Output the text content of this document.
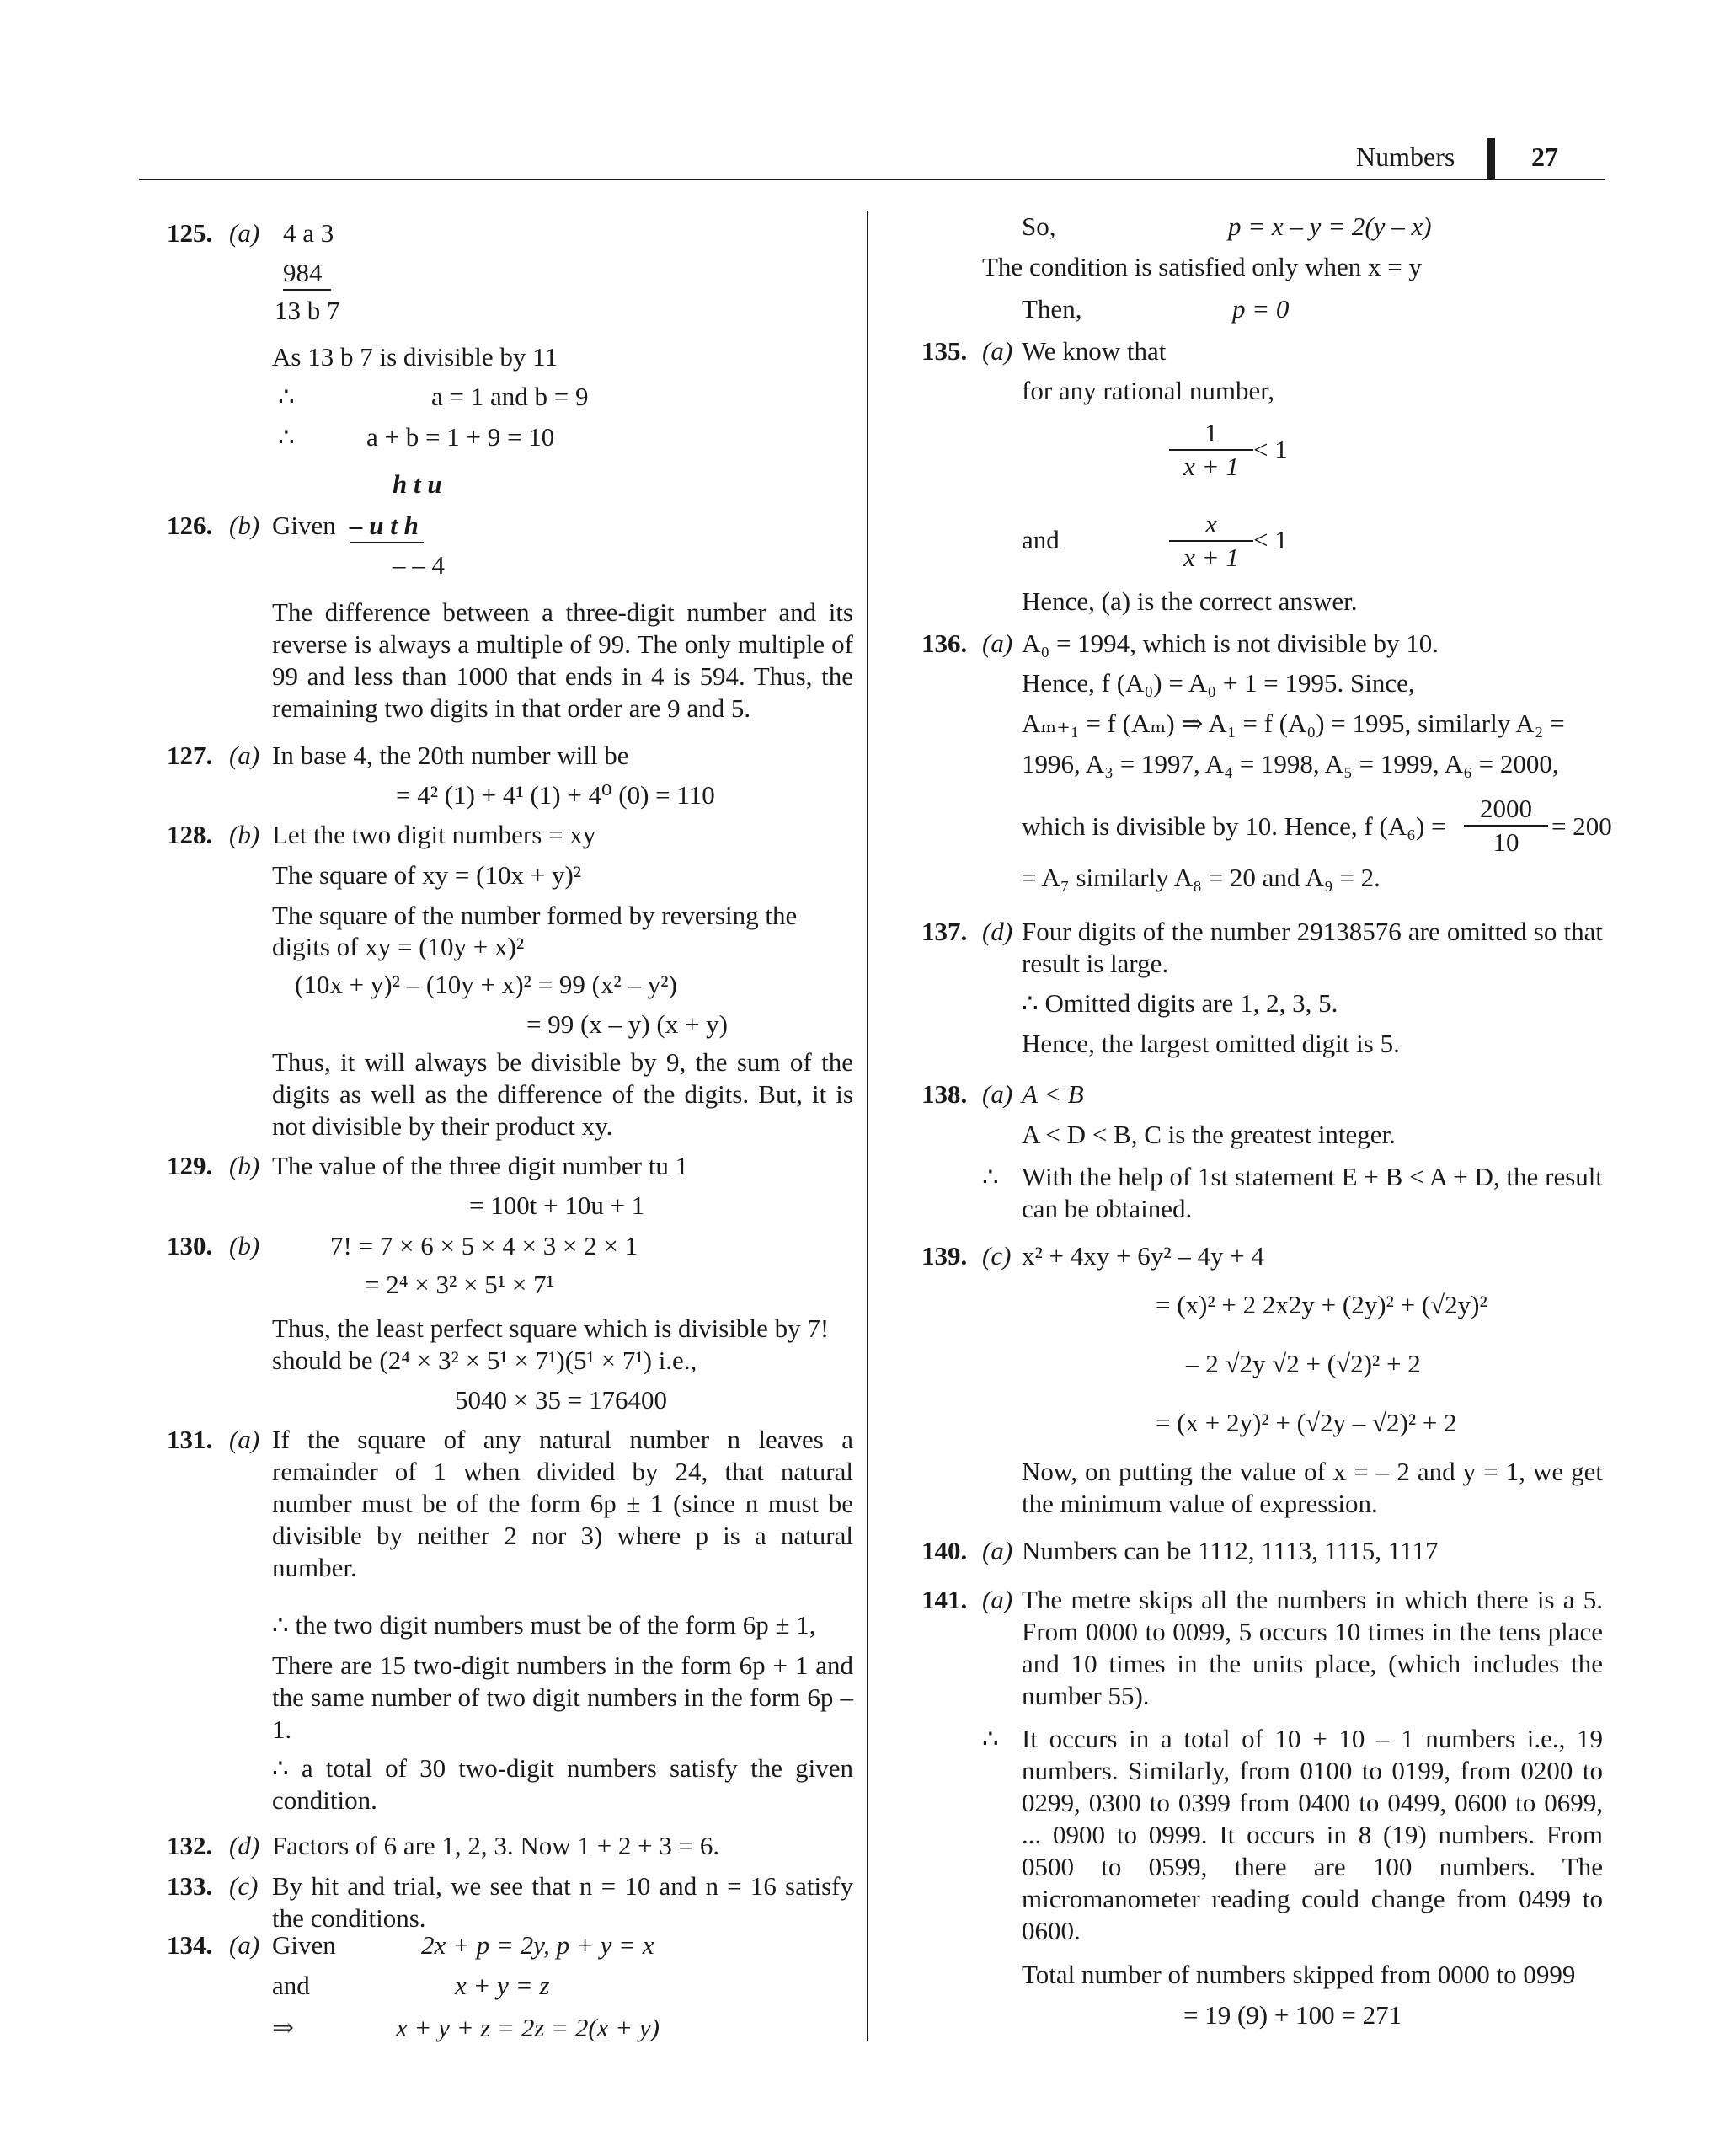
Numbers	27
125. (a) 4 a 3
984
13 b 7
As 13 b 7 is divisible by 11
∴	a = 1 and b = 9
∴	a + b = 1 + 9 = 10
h t u
126. (b) Given – u t h
– – 4
The difference between a three-digit number and its reverse is always a multiple of 99. The only multiple of 99 and less than 1000 that ends in 4 is 594. Thus, the remaining two digits in that order are 9 and 5.
127. (a) In base 4, the 20th number will be
= 4² (1) + 4¹ (1) + 4⁰ (0) = 110
128. (b) Let the two digit numbers = xy
The square of xy = (10x + y)²
The square of the number formed by reversing the
digits of xy = (10y + x)²
(10x + y)² – (10y + x)² = 99 (x² – y²)
= 99 (x – y) (x + y)
Thus, it will always be divisible by 9, the sum of the digits as well as the difference of the digits. But, it is not divisible by their product xy.
129. (b) The value of the three digit number tu 1
= 100t + 10u + 1
130. (b)	7! = 7 × 6 × 5 × 4 × 3 × 2 × 1
= 2⁴ × 3² × 5¹ × 7¹
Thus, the least perfect square which is divisible by 7!
should be (2⁴ × 3² × 5¹ × 7¹)(5¹ × 7¹) i.e.,
5040 × 35 = 176400
131. (a) If the square of any natural number n leaves a remainder of 1 when divided by 24, that natural number must be of the form 6p ± 1 (since n must be divisible by neither 2 nor 3) where p is a natural number.
∴ the two digit numbers must be of the form 6p ± 1,
There are 15 two-digit numbers in the form 6p + 1 and the same number of two digit numbers in the form 6p – 1.
∴ a total of 30 two-digit numbers satisfy the given condition.
132. (d) Factors of 6 are 1, 2, 3. Now 1 + 2 + 3 = 6.
133. (c) By hit and trial, we see that n = 10 and n = 16 satisfy the conditions.
134. (a) Given	2x + p = 2y, p + y = x
and	x + y = z
⇒	x + y + z = 2z = 2(x + y)
So,	p = x – y = 2(y – x)
The condition is satisfied only when x = y
Then,	p = 0
135. (a) We know that
for any rational number,
$\frac{1}{x + 1} < 1$
and	$\frac{x}{x + 1} < 1$
Hence, (a) is the correct answer.
136. (a) A₀ = 1994, which is not divisible by 10.
Hence, f (A₀) = A₀ + 1 = 1995. Since,
Aₘ₊₁ = f (Aₘ) ⇒ A₁ = f (A₀) = 1995, similarly A₂ =
1996, A₃ = 1997, A₄ = 1998, A₅ = 1999, A₆ = 2000,
which is divisible by 10. Hence, f $(A_6) = \frac{2000}{10} = 200$
= A₇ similarly A₈ = 20 and A₉ = 2.
137. (d) Four digits of the number 29138576 are omitted so that result is large.
∴ Omitted digits are 1, 2, 3, 5.
Hence, the largest omitted digit is 5.
138. (a) A < B
A < D < B, C is the greatest integer.
∴ With the help of 1st statement E + B < A + D, the result can be obtained.
139. (c) x² + 4xy + 6y² – 4y + 4
= (x)² + 2 2x2y + (2y)² + (√2y)²
– 2 √2y √2 + (√2)² + 2
= (x + 2y)² + (√2y – √2)² + 2
Now, on putting the value of x = – 2 and y = 1, we get the minimum value of expression.
140. (a) Numbers can be 1112, 1113, 1115, 1117
141. (a) The metre skips all the numbers in which there is a 5. From 0000 to 0099, 5 occurs 10 times in the tens place and 10 times in the units place, (which includes the number 55).
∴ It occurs in a total of 10 + 10 – 1 numbers i.e., 19 numbers. Similarly, from 0100 to 0199, from 0200 to 0299, 0300 to 0399 from 0400 to 0499, 0600 to 0699, ... 0900 to 0999. It occurs in 8 (19) numbers. From 0500 to 0599, there are 100 numbers. The micromanometer reading could change from 0499 to 0600.
Total number of numbers skipped from 0000 to 0999
= 19 (9) + 100 = 271
